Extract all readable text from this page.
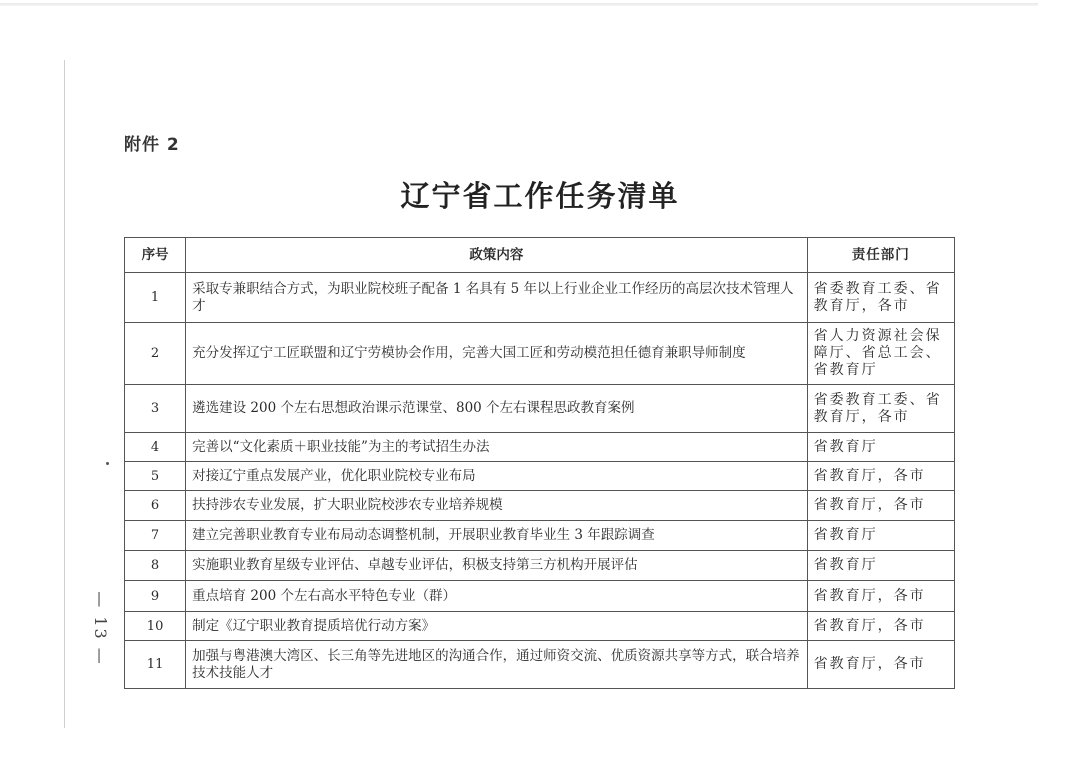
附件 2
辽宁省工作任务清单
序号	政策内容	责任部门
1	采取专兼职结合方式，为职业院校班子配备 1 名具有 5 年以上行业企业工作经历的高层次技术管理人才	省委教育工委、省教育厅，各市
2	充分发挥辽宁工匠联盟和辽宁劳模协会作用，完善大国工匠和劳动模范担任德育兼职导师制度	省人力资源社会保障厅、省总工会、省教育厅
3	遴选建设 200 个左右思想政治课示范课堂、800 个左右课程思政教育案例	省委教育工委、省教育厅，各市
4	完善以“文化素质＋职业技能”为主的考试招生办法	省教育厅
5	对接辽宁重点发展产业，优化职业院校专业布局	省教育厅，各市
6	扶持涉农专业发展，扩大职业院校涉农专业培养规模	省教育厅，各市
7	建立完善职业教育专业布局动态调整机制，开展职业教育毕业生 3 年跟踪调查	省教育厅
8	实施职业教育星级专业评估、卓越专业评估，积极支持第三方机构开展评估	省教育厅
9	重点培育 200 个左右高水平特色专业（群）	省教育厅，各市
10	制定《辽宁职业教育提质培优行动方案》	省教育厅，各市
11	加强与粤港澳大湾区、长三角等先进地区的沟通合作，通过师资交流、优质资源共享等方式，联合培养技术技能人才	省教育厅，各市
— 13 —
